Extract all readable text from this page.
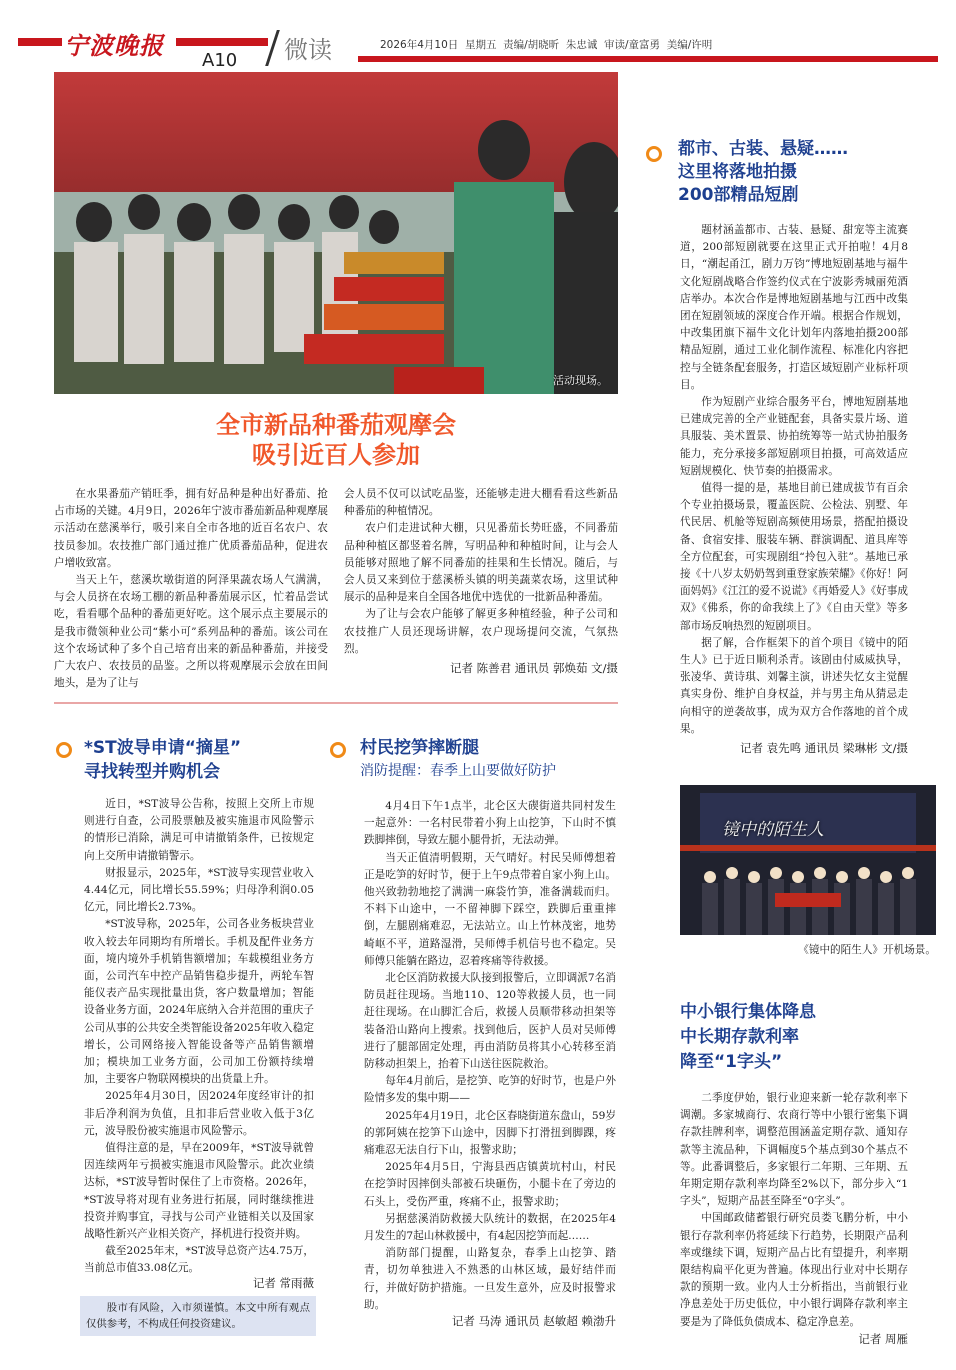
宁波晚报
A10 微读	2026年4月10日  星期五  责编/胡晓昕  朱忠诚  审读/童富勇  美编/许明
活动现场。
全市新品种番茄观摩会
吸引近百人参加

在水果番茄产销旺季，拥有好品种是种出好番茄、抢占市场的关键。4月9日，2026年宁波市番茄新品种观摩展示活动在慈溪举行，吸引来自全市各地的近百名农户、农技员参加。农技推广部门通过推广优质番茄品种，促进农户增收致富。

当天上午，慈溪坎墩街道的阿泽果蔬农场人气满满，与会人员挤在农场工棚的新品种番茄展示区，忙着品尝试吃，看看哪个品种的番茄更好吃。这个展示点主要展示的是我市微领种业公司“紫小可”系列品种的番茄。该公司在这个农场试种了多个自己培育出来的新品种番茄，并接受广大农户、农技员的品鉴。之所以将观摩展示会放在田间地头，是为了让与

会人员不仅可以试吃品鉴，还能够走进大棚看看这些新品种番茄的种植情况。

农户们走进试种大棚，只见番茄长势旺盛，不同番茄品种种植区都竖着名牌，写明品种和种植时间，让与会人员能够对照地了解不同番茄的挂果和生长情况。随后，与会人员又来到位于慈溪桥头镇的明美蔬菜农场，这里试种展示的品种是来自全国各地优中选优的一批新品种番茄。

为了让与会农户能够了解更多种植经验，种子公司和农技推广人员还现场讲解，农户现场提问交流，气氛热烈。

记者 陈善君 通讯员 郭焕茹 文/摄

都市、古装、悬疑……
这里将落地拍摄
200部精品短剧

题材涵盖都市、古装、悬疑、甜宠等主流赛道，200部短剧就要在这里正式开拍啦！4月8日，“潮起甬江，剧力万钧”博地短剧基地与福牛文化短剧战略合作签约仪式在宁波影秀城丽苑酒店举办。本次合作是博地短剧基地与江西中改集团在短剧领域的深度合作开端。根据合作规划，中改集团旗下福牛文化计划年内落地拍摄200部精品短剧，通过工业化制作流程、标准化内容把控与全链条配套服务，打造区域短剧产业标杆项目。

作为短剧产业综合服务平台，博地短剧基地已建成完善的全产业链配套，具备实景片场、道具服装、美术置景、协拍统筹等一站式协拍服务能力，充分承接多部短剧项目拍摄，可高效适应短剧规模化、快节奏的拍摄需求。

值得一提的是，基地目前已建成拔节有百余个专业拍摄场景，覆盖医院、公检法、别墅、年代民居、机舱等短剧高频使用场景，搭配拍摄设备、食宿安排、服装车辆、群演调配、道具库等全方位配套，可实现剧组“拎包入驻”。基地已承接《十八岁太奶奶驾到重登家族荣耀》《你好！阿面妈妈》《江江的爱不说谎》《再婚爱人》《好事成双》《佛系，你的命我续上了》《自由天堂》等多部市场反响热烈的短剧项目。

据了解，合作框架下的首个项目《镜中的陌生人》已于近日顺利杀青。该剧由付威威执导，张凌华、黄诗琪、刘馨主演，讲述失忆女主觉醒真实身份、维护自身权益，并与男主角从猜忌走向相守的逆袭故事，成为双方合作落地的首个成果。

记者 袁先鸣 通讯员 梁琳彬 文/摄

镜中的陌生人
《镜中的陌生人》开机场景。
中小银行集体降息
中长期存款利率
降至“1字头”

二季度伊始，银行业迎来新一轮存款利率下调潮。多家城商行、农商行等中小银行密集下调存款挂牌利率，调整范围涵盖定期存款、通知存款等主流品种，下调幅度5个基点到30个基点不等。此番调整后，多家银行二年期、三年期、五年期定期存款利率均降至2%以下，部分步入“1字头”，短期产品甚至降至“0字头”。

中国邮政储蓄银行研究员娄飞鹏分析，中小银行存款利率仍将延续下行趋势，长期限产品利率或继续下调，短期产品占比有望提升，利率期限结构扁平化更为普遍。体现出行业对中长期存款的预期一致。业内人士分析指出，当前银行业净息差处于历史低位，中小银行调降存款利率主要是为了降低负债成本、稳定净息差。

记者 周雁

*ST波导申请“摘星”
寻找转型并购机会

近日，*ST波导公告称，按照上交所上市规则进行自查，公司股票触及被实施退市风险警示的情形已消除，满足可申请撤销条件，已按规定向上交所申请撤销警示。

财报显示，2025年，*ST波导实现营业收入4.44亿元，同比增长55.59%；归母净利润0.05亿元，同比增长2.73%。

*ST波导称，2025年，公司各业务板块营业收入较去年同期均有所增长。手机及配件业务方面，境内境外手机销售额增加；车载模组业务方面，公司汽车中控产品销售稳步提升，两轮车智能仪表产品实现批量出货，客户数量增加；智能设备业务方面，2024年底纳入合并范围的重庆子公司从事的公共安全类智能设备2025年收入稳定增长，公司网络接入智能设备等产品销售额增加；模块加工业务方面，公司加工份额持续增加，主要客户物联网模块的出货量上升。

2025年4月30日，因2024年度经审计的扣非后净利润为负值，且扣非后营业收入低于3亿元，波导股份被实施退市风险警示。

值得注意的是，早在2009年，*ST波导就曾因连续两年亏损被实施退市风险警示。此次业绩达标，*ST波导暂时保住了上市资格。2026年，*ST波导将对现有业务进行拓展，同时继续推进投资并购事宜，寻找与公司产业链相关以及国家战略性新兴产业相关资产，择机进行投资并购。

截至2025年末，*ST波导总资产达4.75万，当前总市值33.08亿元。

记者 常雨薇

股市有风险，入市须谨慎。本文中所有观点仅供参考，不构成任何投资建议。

村民挖笋摔断腿
消防提醒：春季上山要做好防护

4月4日下午1点半，北仑区大碶街道共同村发生一起意外：一名村民带着小狗上山挖笋，下山时不慎跌脚摔倒，导致左腿小腿骨折，无法动弹。

当天正值清明假期，天气晴好。村民吴师傅想着正是吃笋的好时节，便于上午9点带着自家小狗上山。他兴致勃勃地挖了满满一麻袋竹笋，准备满载而归。不料下山途中，一不留神脚下踩空，跌脚后重重摔倒，左腿剧痛难忍，无法站立。山上竹林茂密，地势崎岖不平，道路湿滑，吴师傅手机信号也不稳定。吴师傅只能躺在路边，忍着疼痛等待救援。

北仑区消防救援大队接到报警后，立即调派7名消防员赶往现场。当地110、120等救援人员，也一同赶往现场。在山脚汇合后，救援人员顺带移动担架等装备沿山路向上搜索。找到他后，医护人员对吴师傅进行了腿部固定处理，再由消防员将其小心转移至消防移动担架上，抬着下山送往医院救治。

每年4月前后，是挖笋、吃笋的好时节，也是户外险情多发的集中期——

2025年4月19日，北仑区春晓街道东盘山，59岁的郭阿姨在挖笋下山途中，因脚下打滑扭到脚踝，疼痛难忍无法自行下山，报警求助；

2025年4月5日，宁海县西店镇黄坑村山，村民在挖笋时因摔倒头部被石块砸伤，小腿卡在了旁边的石头上，受伤严重，疼痛不止，报警求助；

另据慈溪消防救援大队统计的数据，在2025年4月发生的7起山林救援中，有4起因挖笋而起……

消防部门提醒，山路复杂，春季上山挖笋、踏青，切勿单独进入不熟悉的山林区域，最好结伴而行，并做好防护措施。一旦发生意外，应及时报警求助。

记者 马涛 通讯员 赵敏超 赖渤升
